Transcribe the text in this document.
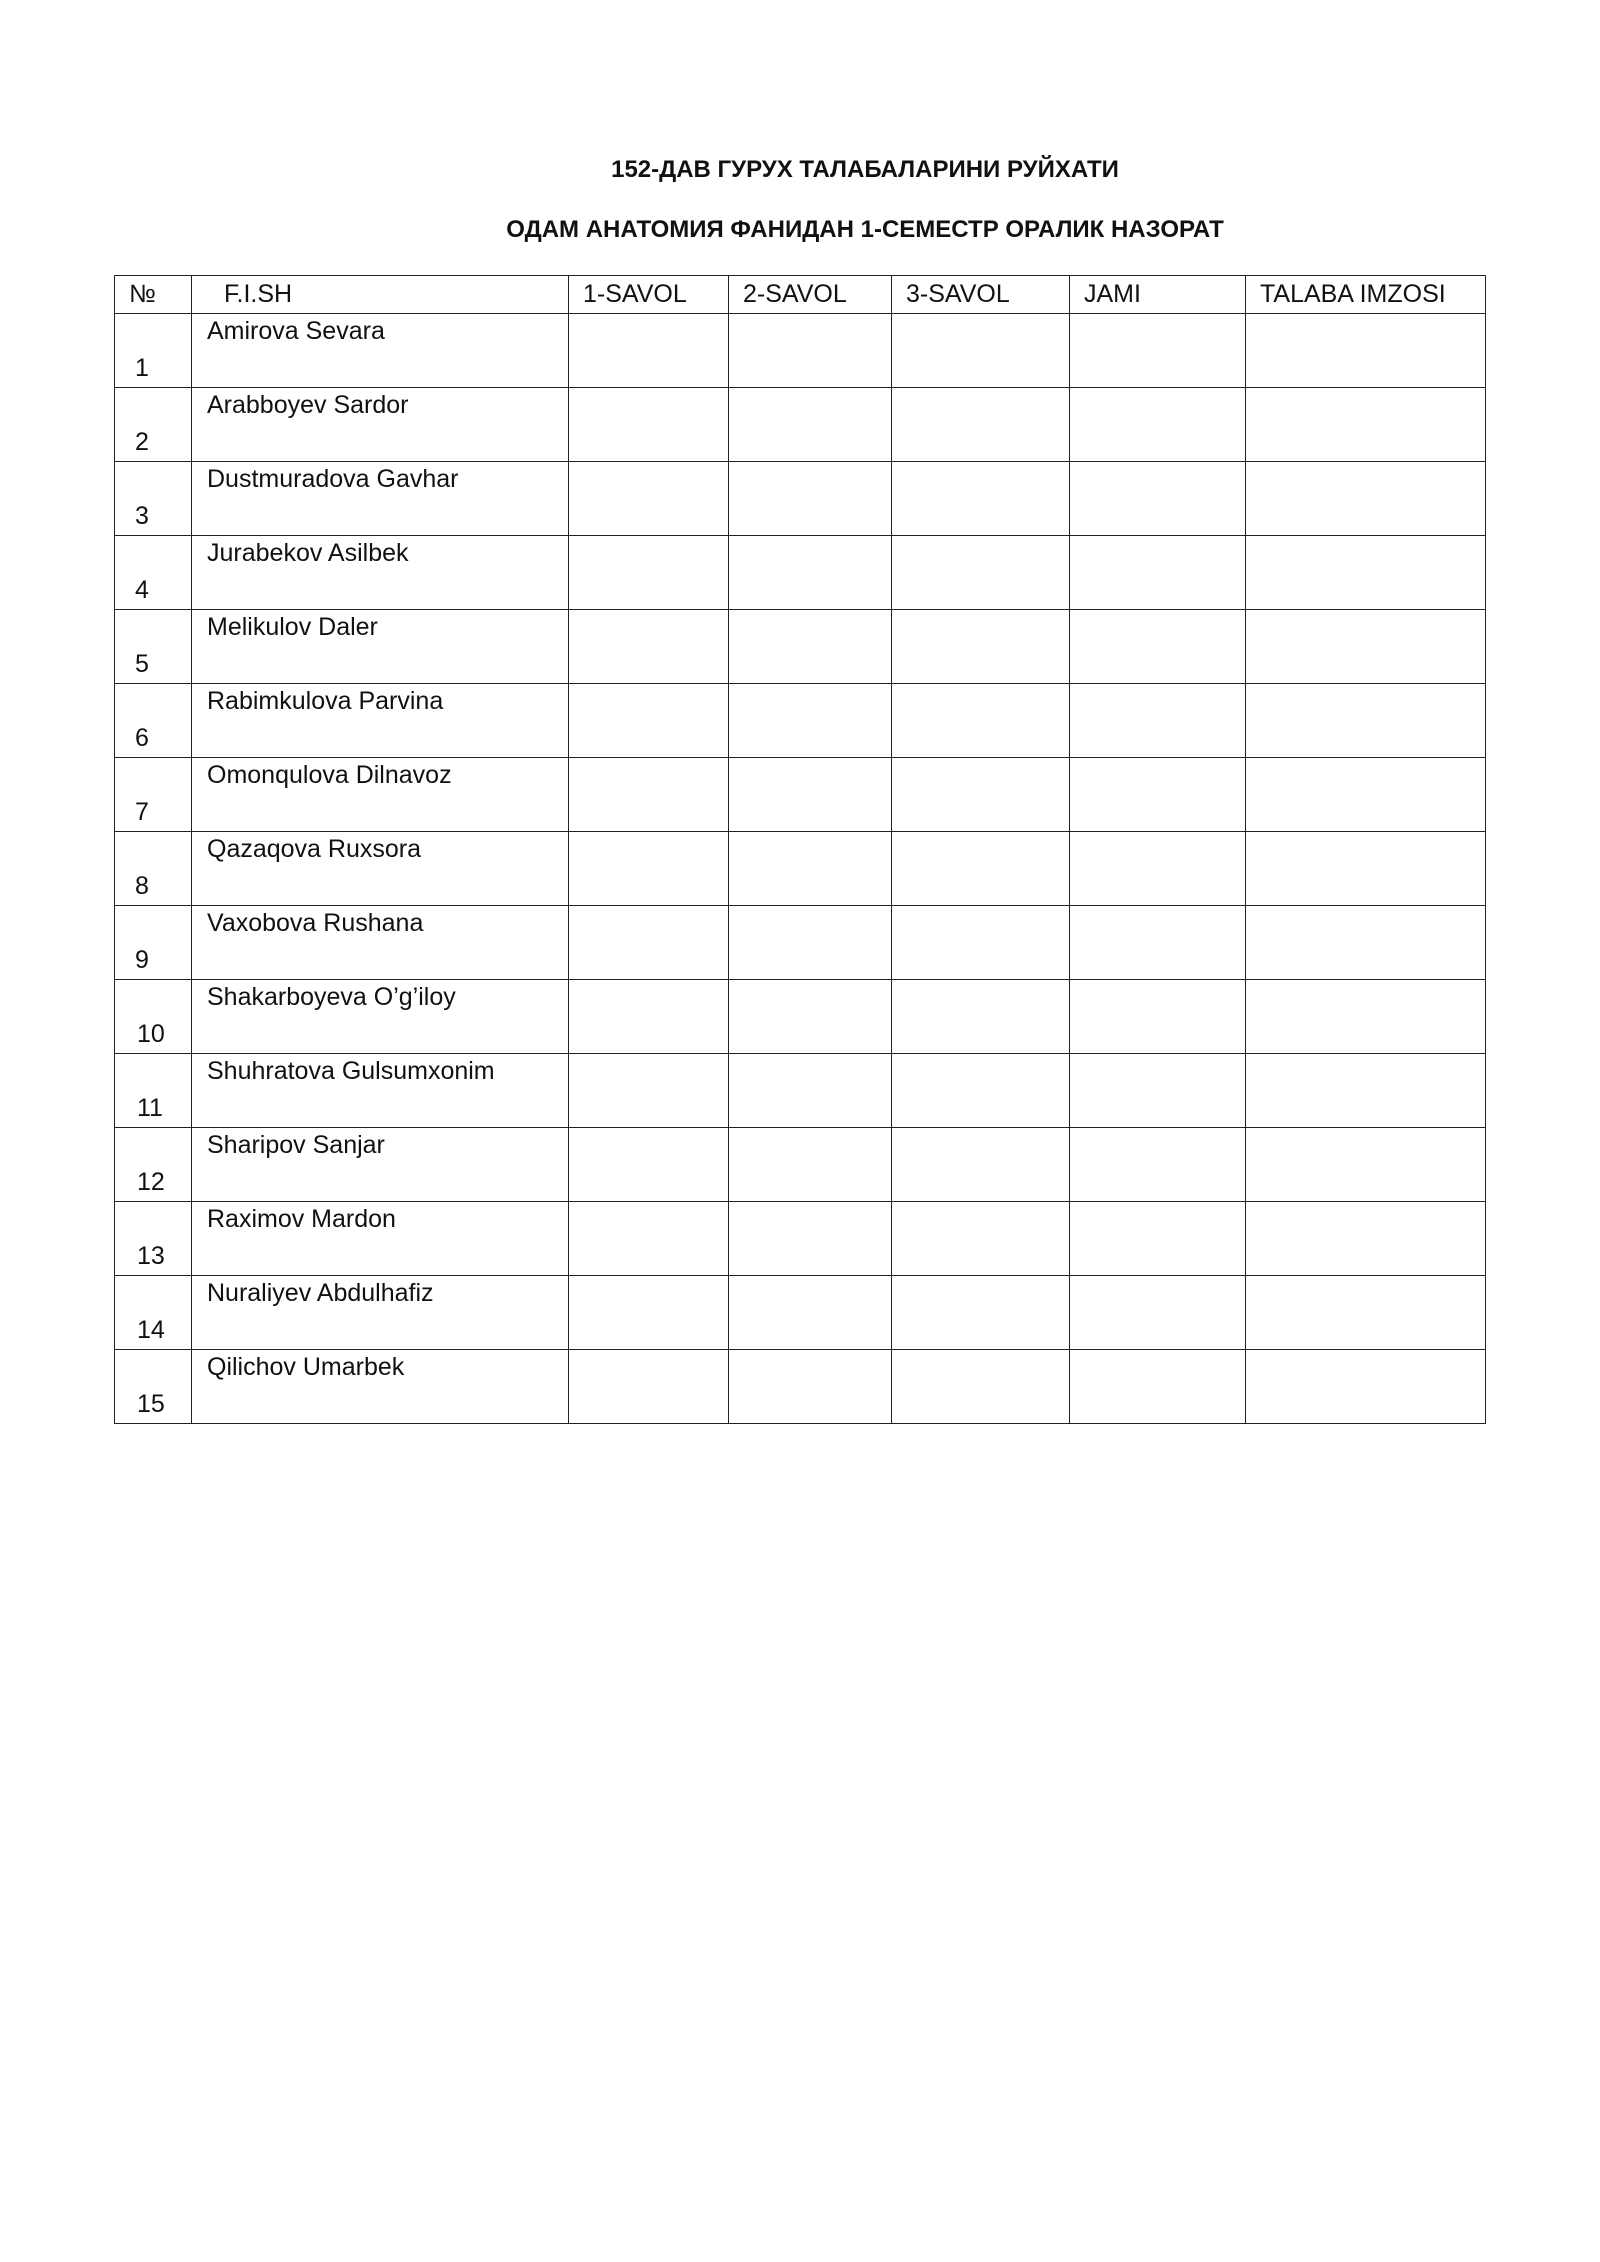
152-ДАВ ГУРУХ ТАЛАБАЛАРИНИ РУЙХАТИ
ОДАМ АНАТОМИЯ ФАНИДАН 1-СЕМЕСТР ОРАЛИК НАЗОРАТ
№	F.I.SH	1-SAVOL	2-SAVOL	3-SAVOL	JAMI	TALABA IMZOSI

1	Amirova Sevara					

2	Arabboyev Sardor					

3	Dustmuradova Gavhar					

4	Jurabekov Asilbek					

5	Melikulov Daler					

6	Rabimkulova Parvina					

7	Omonqulova Dilnavoz					

8	Qazaqova Ruxsora					

9	Vaxobova Rushana					

10	Shakarboyeva O’g’iloy					

11	Shuhratova Gulsumxonim					

12	Sharipov Sanjar					

13	Raximov Mardon					

14	Nuraliyev Abdulhafiz					

15	Qilichov Umarbek					
